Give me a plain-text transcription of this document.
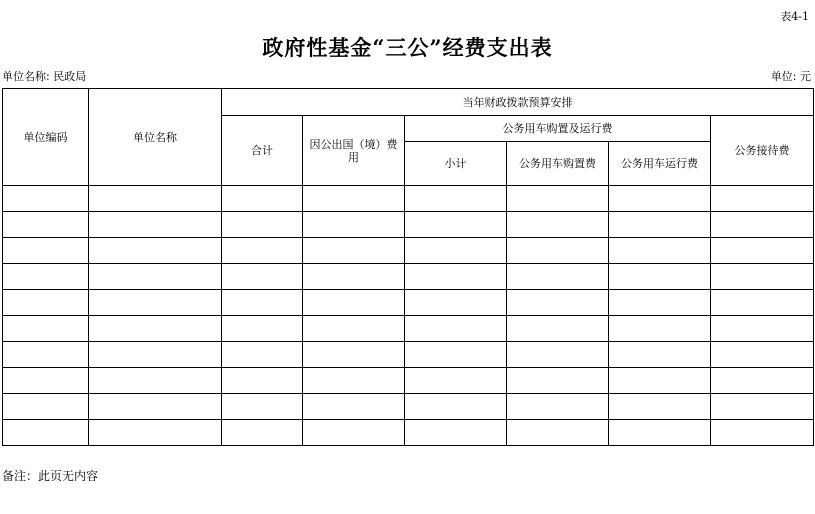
表4-1
政府性基金“三公”经费支出表
单位名称: 民政局	单位: 元
单位编码	单位名称	当年财政拨款预算安排					
		合计	因公出国（境）费用	公务用车购置及运行费			公务接待费
				小计	公务用车购置费	公务用车运行费	

备注：此页无内容
